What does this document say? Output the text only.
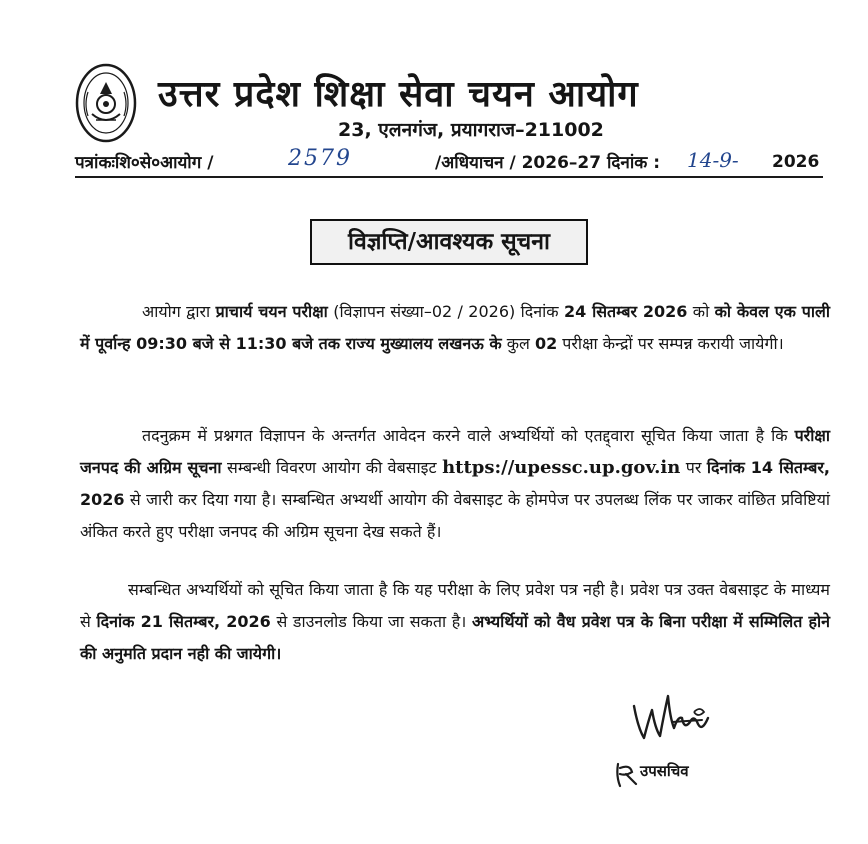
उत्तर प्रदेश शिक्षा सेवा चयन आयोग
23, एलनगंज, प्रयागराज–211002
पत्रांकःशि०से०आयोग /	2579	/अधियाचन / 2026–27 दिनांक : 14-9- 2026
विज्ञप्ति/आवश्यक सूचना
आयोग द्वारा प्राचार्य चयन परीक्षा (विज्ञापन संख्या–02 / 2026) दिनांक 24 सितम्बर 2026 को को केवल एक पाली में पूर्वान्ह 09:30 बजे से 11:30 बजे तक राज्य मुख्यालय लखनऊ के कुल 02 परीक्षा केन्द्रों पर सम्पन्न करायी जायेगी।
तदनुक्रम में प्रश्नगत विज्ञापन के अन्तर्गत आवेदन करने वाले अभ्यर्थियों को एतद्द्वारा सूचित किया जाता है कि परीक्षा जनपद की अग्रिम सूचना सम्बन्धी विवरण आयोग की वेबसाइट https://upessc.up.gov.in पर दिनांक 14 सितम्बर, 2026 से जारी कर दिया गया है। सम्बन्धित अभ्यर्थी आयोग की वेबसाइट के होमपेज पर उपलब्ध लिंक पर जाकर वांछित प्रविष्टियां अंकित करते हुए परीक्षा जनपद की अग्रिम सूचना देख सकते हैं।
सम्बन्धित अभ्यर्थियों को सूचित किया जाता है कि यह परीक्षा के लिए प्रवेश पत्र नही है। प्रवेश पत्र उक्त वेबसाइट के माध्यम से दिनांक 21 सितम्बर, 2026 से डाउनलोड किया जा सकता है। अभ्यर्थियों को वैध प्रवेश पत्र के बिना परीक्षा में सम्मिलित होने की अनुमति प्रदान नही की जायेगी।
उपसचिव
